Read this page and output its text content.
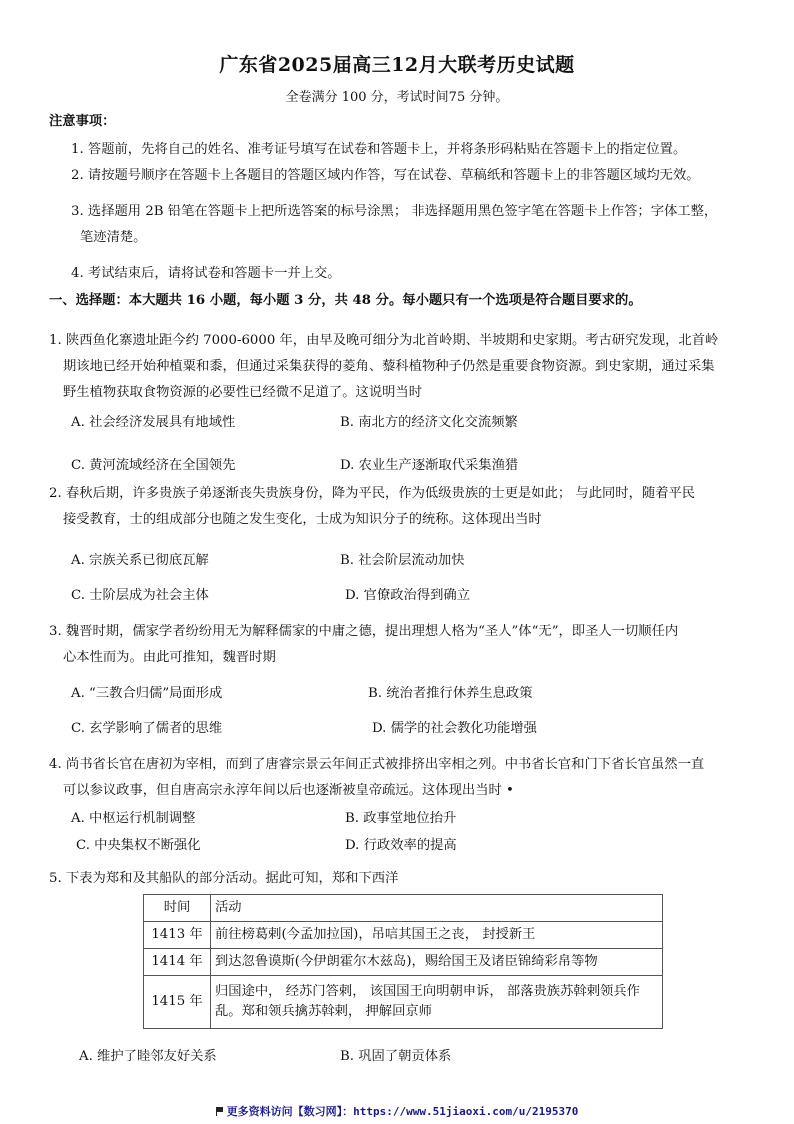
广东省2025届高三12月大联考历史试题
全卷满分 100 分，考试时间75 分钟。
注意事项：
1. 答题前，先将自己的姓名、准考证号填写在试卷和答题卡上，并将条形码粘贴在答题卡上的指定位置。
2. 请按题号顺序在答题卡上各题目的答题区域内作答，写在试卷、草稿纸和答题卡上的非答题区域均无效。
3. 选择题用 2B 铅笔在答题卡上把所选答案的标号涂黑； 非选择题用黑色签字笔在答题卡上作答；字体工整，
笔迹清楚。
4. 考试结束后，请将试卷和答题卡一并上交。
一、选择题：本大题共 16 小题，每小题 3 分，共 48 分。每小题只有一个选项是符合题目要求的。
1. 陕西鱼化寨遗址距今约 7000-6000 年，由早及晚可细分为北首岭期、半坡期和史家期。考古研究发现，北首岭
期该地已经开始种植粟和黍，但通过采集获得的菱角、藜科植物种子仍然是重要食物资源。到史家期，通过采集
野生植物获取食物资源的必要性已经微不足道了。这说明当时
A. 社会经济发展具有地域性	B. 南北方的经济文化交流频繁
C. 黄河流域经济在全国领先	D. 农业生产逐渐取代采集渔猎
2. 春秋后期，许多贵族子弟逐渐丧失贵族身份，降为平民，作为低级贵族的士更是如此； 与此同时，随着平民
接受教育，士的组成部分也随之发生变化，士成为知识分子的统称。这体现出当时
A. 宗族关系已彻底瓦解	B. 社会阶层流动加快
C. 士阶层成为社会主体	D. 官僚政治得到确立
3. 魏晋时期，儒家学者纷纷用无为解释儒家的中庸之德，提出理想人格为“圣人”体“无”，即圣人一切顺任内
心本性而为。由此可推知，魏晋时期
A. “三教合归儒”局面形成	B. 统治者推行休养生息政策
C. 玄学影响了儒者的思维	D. 儒学的社会教化功能增强
4. 尚书省长官在唐初为宰相，而到了唐睿宗景云年间正式被排挤出宰相之列。中书省长官和门下省长官虽然一直
可以参议政事，但自唐高宗永淳年间以后也逐渐被皇帝疏远。这体现出当时 •
A. 中枢运行机制调整	B. 政事堂地位抬升
C. 中央集权不断强化	D. 行政效率的提高
5. 下表为郑和及其船队的部分活动。据此可知，郑和下西洋
时间	活动
1413 年	前往榜葛剌(今孟加拉国)，吊唁其国王之丧， 封授新王
1414 年	到达忽鲁谟斯(今伊朗霍尔木兹岛)，赐给国王及诸臣锦绮彩帛等物
1415 年	归国途中， 经苏门答剌， 该国国王向明朝申诉， 部落贵族苏斡剌领兵作乱。郑和领兵擒苏斡剌， 押解回京师
A. 维护了睦邻友好关系	B. 巩固了朝贡体系
更多资料访问【数习网】：https://www.51jiaoxi.com/u/2195370
